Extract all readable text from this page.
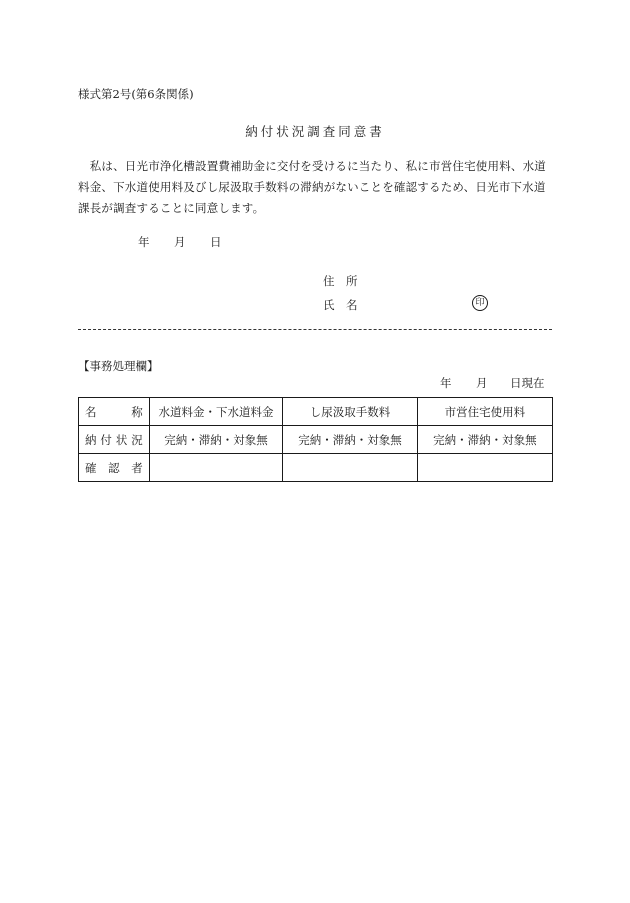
様式第2号(第6条関係)
納付状況調査同意書
　私は、日光市浄化槽設置費補助金に交付を受けるに当たり、私に市営住宅使用料、水道
料金、下水道使用料及びし尿汲取手数料の滞納がないことを確認するため、日光市下水道
課長が調査することに同意します。
年 月 日
住　所
氏　名	印
【事務処理欄】
年 月 日現在
名　　称	水道料金・下水道料金	し尿汲取手数料	市営住宅使用料
納付状況	完納・滞納・対象無	完納・滞納・対象無	完納・滞納・対象無
確認者			
